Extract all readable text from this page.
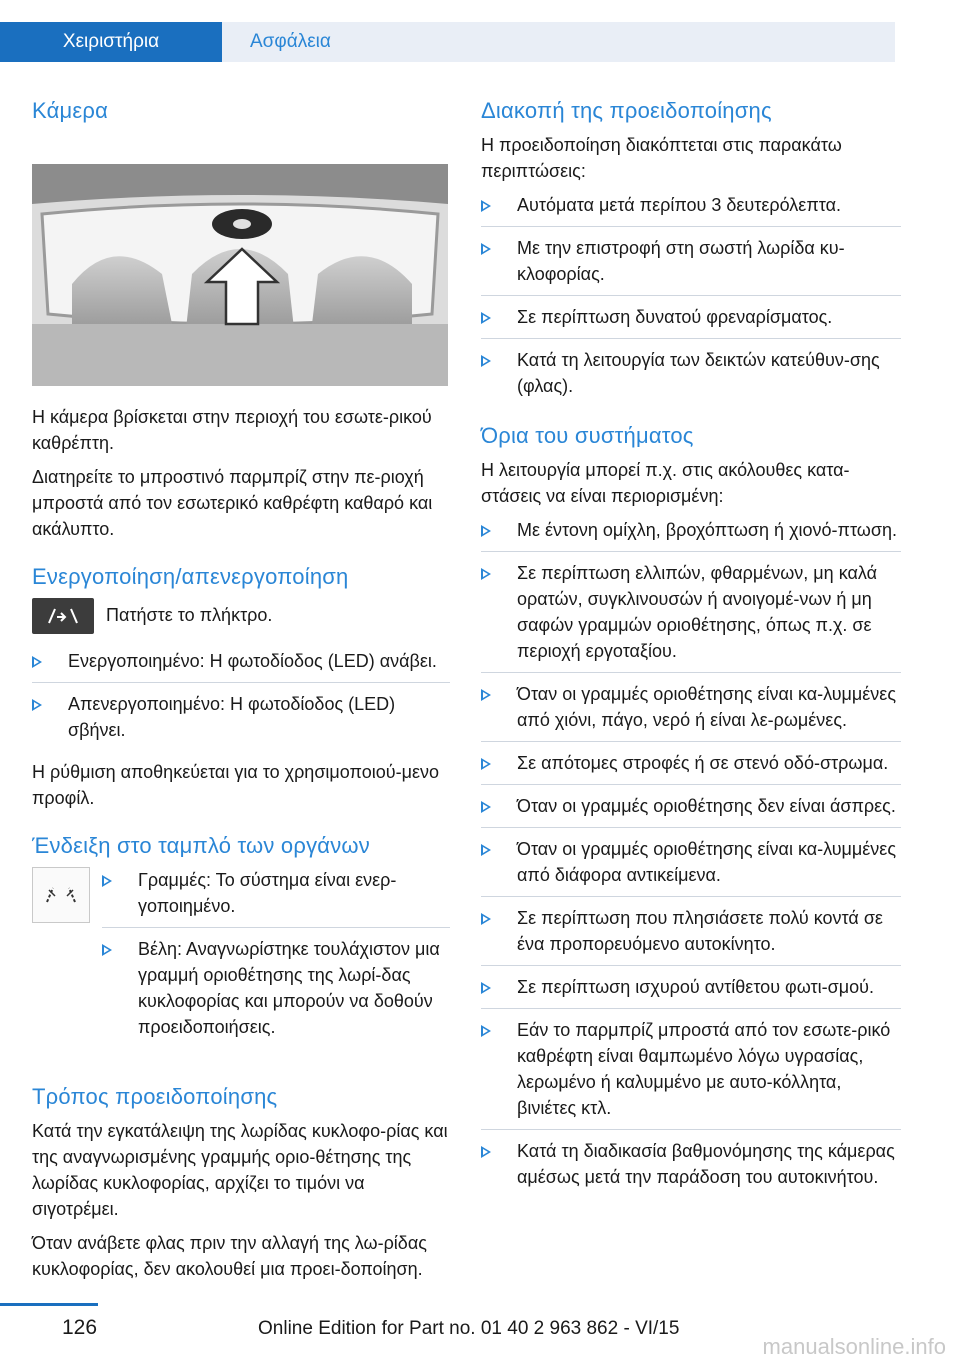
Χειριστήρια	Ασφάλεια
Κάμερα

Η κάμερα βρίσκεται στην περιοχή του εσωτε-ρικού καθρέπτη.

Διατηρείτε το μπροστινό παρμπρίζ στην πε-ριοχή μπροστά από τον εσωτερικό καθρέφτη καθαρό και ακάλυπτο.

Ενεργοποίηση/απενεργοποίηση

Πατήστε το πλήκτρο.

Ενεργοποιημένο: Η φωτοδίοδος (LED) ανάβει.
Απενεργοποιημένο: Η φωτοδίοδος (LED) σβήνει.

Η ρύθμιση αποθηκεύεται για το χρησιμοποιού-μενο προφίλ.

Ένδειξη στο ταμπλό των οργάνων
Γραμμές: Το σύστημα είναι ενερ-γοποιημένο.
Βέλη: Αναγνωρίστηκε τουλάχιστον μια γραμμή οριοθέτησης της λωρί-δας κυκλοφορίας και μπορούν να δοθούν προειδοποιήσεις.
Τρόπος προειδοποίησης

Κατά την εγκατάλειψη της λωρίδας κυκλοφο-ρίας και της αναγνωρισμένης γραμμής οριο-θέτησης της λωρίδας κυκλοφορίας, αρχίζει το τιμόνι να σιγοτρέμει.

Όταν ανάβετε φλας πριν την αλλαγή της λω-ρίδας κυκλοφορίας, δεν ακολουθεί μια προει-δοποίηση.

Διακοπή της προειδοποίησης

Η προειδοποίηση διακόπτεται στις παρακάτω περιπτώσεις:

Αυτόματα μετά περίπου 3 δευτερόλεπτα.
Με την επιστροφή στη σωστή λωρίδα κυ-κλοφορίας.
Σε περίπτωση δυνατού φρεναρίσματος.
Κατά τη λειτουργία των δεικτών κατεύθυν-σης (φλας).
Όρια του συστήματος

Η λειτουργία μπορεί π.χ. στις ακόλουθες κατα-στάσεις να είναι περιορισμένη:

Με έντονη ομίχλη, βροχόπτωση ή χιονό-πτωση.
Σε περίπτωση ελλιπών, φθαρμένων, μη καλά ορατών, συγκλινουσών ή ανοιγομέ-νων ή μη σαφών γραμμών οριοθέτησης, όπως π.χ. σε περιοχή εργοταξίου.
Όταν οι γραμμές οριοθέτησης είναι κα-λυμμένες από χιόνι, πάγο, νερό ή είναι λε-ρωμένες.
Σε απότομες στροφές ή σε στενό οδό-στρωμα.
Όταν οι γραμμές οριοθέτησης δεν είναι άσπρες.
Όταν οι γραμμές οριοθέτησης είναι κα-λυμμένες από διάφορα αντικείμενα.
Σε περίπτωση που πλησιάσετε πολύ κοντά σε ένα προπορευόμενο αυτοκίνητο.
Σε περίπτωση ισχυρού αντίθετου φωτι-σμού.
Εάν το παρμπρίζ μπροστά από τον εσωτε-ρικό καθρέφτη είναι θαμπωμένο λόγω υγρασίας, λερωμένο ή καλυμμένο με αυτο-κόλλητα, βινιέτες κτλ.
Κατά τη διαδικασία βαθμονόμησης της κάμερας αμέσως μετά την παράδοση του αυτοκινήτου.
126	Online Edition for Part no. 01 40 2 963 862 - VI/15
manualsonline.info
